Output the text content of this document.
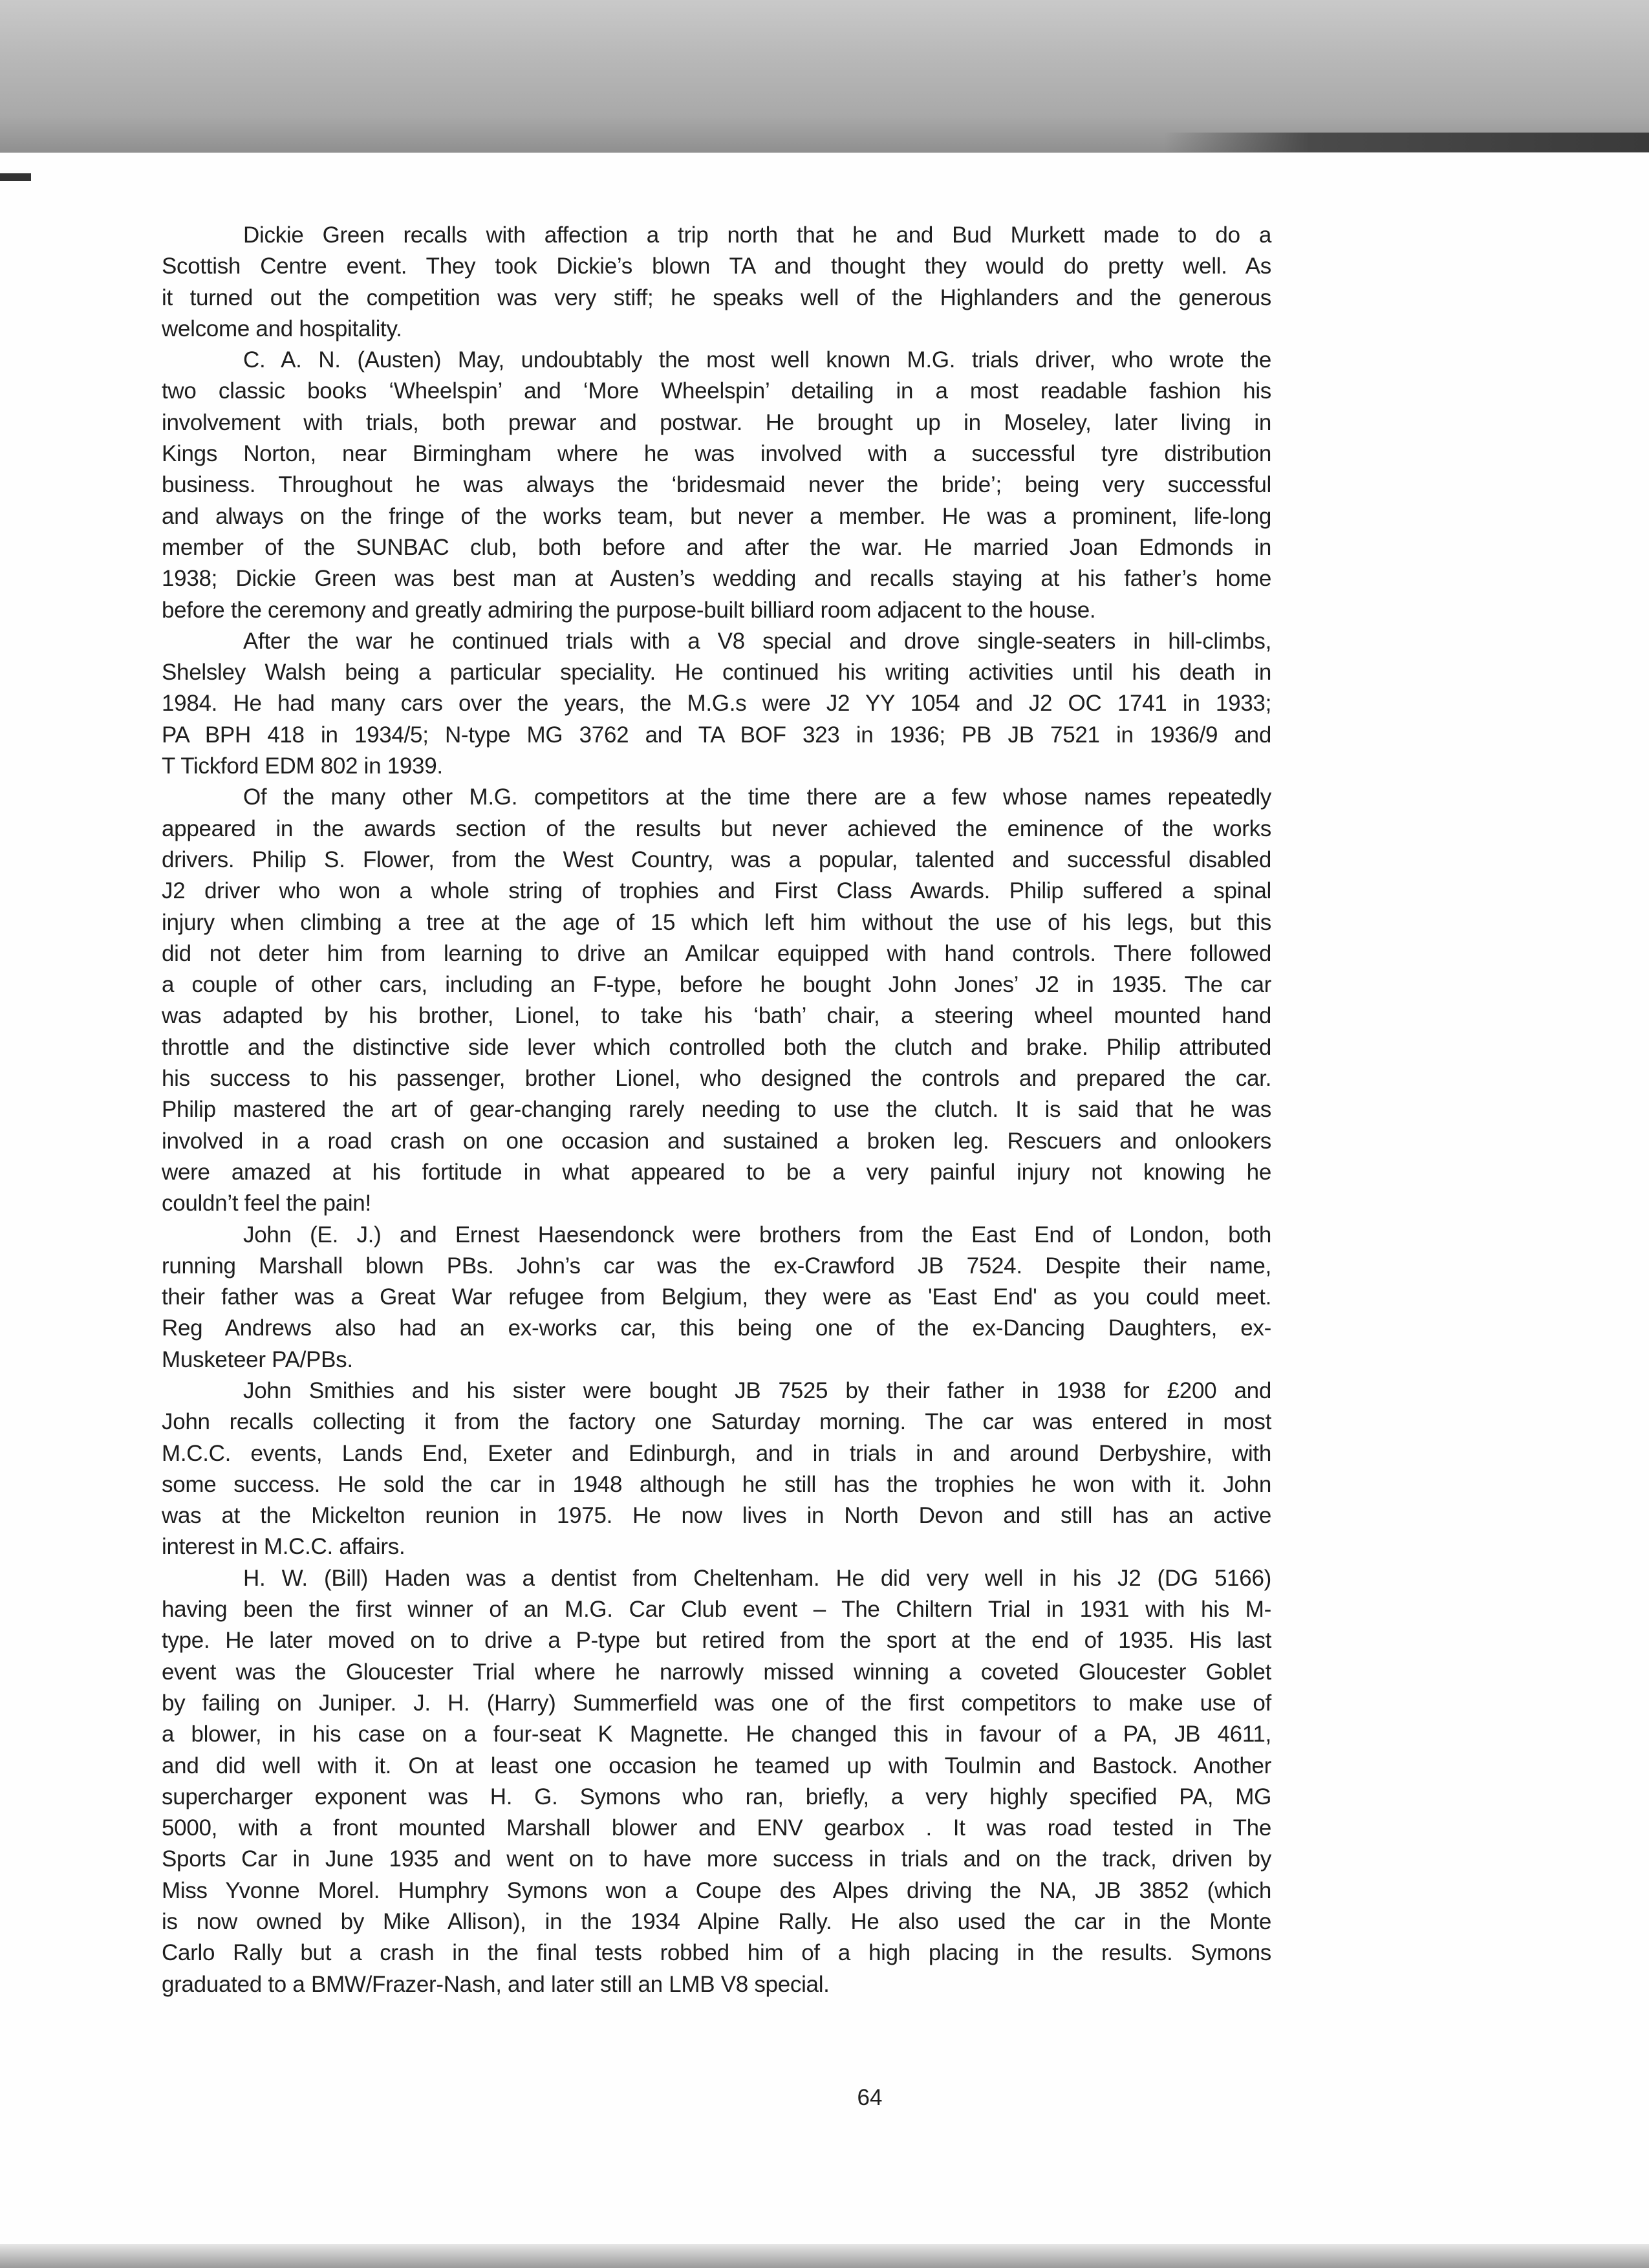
Dickie Green recalls with affection a trip north that he and Bud Murkett made to do a
Scottish Centre event. They took Dickie’s blown TA and thought they would do pretty well. As
it turned out the competition was very stiff; he speaks well of the Highlanders and the generous
welcome and hospitality.
C. A. N. (Austen) May, undoubtably the most well known M.G. trials driver, who wrote the
two classic books ‘Wheelspin’ and ‘More Wheelspin’ detailing in a most readable fashion his
involvement with trials, both prewar and postwar. He brought up in Moseley, later living in
Kings Norton, near Birmingham where he was involved with a successful tyre distribution
business. Throughout he was always the ‘bridesmaid never the bride’; being very successful
and always on the fringe of the works team, but never a member. He was a prominent, life-long
member of the SUNBAC club, both before and after the war. He married Joan Edmonds in
1938; Dickie Green was best man at Austen’s wedding and recalls staying at his father’s home
before the ceremony and greatly admiring the purpose-built billiard room adjacent to the house.
After the war he continued trials with a V8 special and drove single-seaters in hill-climbs,
Shelsley Walsh being a particular speciality. He continued his writing activities until his death in
1984. He had many cars over the years, the M.G.s were J2 YY 1054 and J2 OC 1741 in 1933;
PA BPH 418 in 1934/5; N-type MG 3762 and TA BOF 323 in 1936; PB JB 7521 in 1936/9 and
T Tickford EDM 802 in 1939.
Of the many other M.G. competitors at the time there are a few whose names repeatedly
appeared in the awards section of the results but never achieved the eminence of the works
drivers. Philip S. Flower, from the West Country, was a popular, talented and successful disabled
J2 driver who won a whole string of trophies and First Class Awards. Philip suffered a spinal
injury when climbing a tree at the age of 15 which left him without the use of his legs, but this
did not deter him from learning to drive an Amilcar equipped with hand controls. There followed
a couple of other cars, including an F-type, before he bought John Jones’ J2 in 1935. The car
was adapted by his brother, Lionel, to take his ‘bath’ chair, a steering wheel mounted hand
throttle and the distinctive side lever which controlled both the clutch and brake. Philip attributed
his success to his passenger, brother Lionel, who designed the controls and prepared the car.
Philip mastered the art of gear-changing rarely needing to use the clutch. It is said that he was
involved in a road crash on one occasion and sustained a broken leg. Rescuers and onlookers
were amazed at his fortitude in what appeared to be a very painful injury not knowing he
couldn’t feel the pain!
John (E. J.) and Ernest Haesendonck were brothers from the East End of London, both
running Marshall blown PBs. John’s car was the ex-Crawford JB 7524. Despite their name,
their father was a Great War refugee from Belgium, they were as 'East End' as you could meet.
Reg Andrews also had an ex-works car, this being one of the ex-Dancing Daughters, ex-
Musketeer PA/PBs.
John Smithies and his sister were bought JB 7525 by their father in 1938 for £200 and
John recalls collecting it from the factory one Saturday morning. The car was entered in most
M.C.C. events, Lands End, Exeter and Edinburgh, and in trials in and around Derbyshire, with
some success. He sold the car in 1948 although he still has the trophies he won with it. John
was at the Mickelton reunion in 1975. He now lives in North Devon and still has an active
interest in M.C.C. affairs.
H. W. (Bill) Haden was a dentist from Cheltenham. He did very well in his J2 (DG 5166)
having been the first winner of an M.G. Car Club event – The Chiltern Trial in 1931 with his M-
type. He later moved on to drive a P-type but retired from the sport at the end of 1935. His last
event was the Gloucester Trial where he narrowly missed winning a coveted Gloucester Goblet
by failing on Juniper. J. H. (Harry) Summerfield was one of the first competitors to make use of
a blower, in his case on a four-seat K Magnette. He changed this in favour of a PA, JB 4611,
and did well with it. On at least one occasion he teamed up with Toulmin and Bastock. Another
supercharger exponent was H. G. Symons who ran, briefly, a very highly specified PA, MG
5000, with a front mounted Marshall blower and ENV gearbox . It was road tested in The
Sports Car in June 1935 and went on to have more success in trials and on the track, driven by
Miss Yvonne Morel. Humphry Symons won a Coupe des Alpes driving the NA, JB 3852 (which
is now owned by Mike Allison), in the 1934 Alpine Rally. He also used the car in the Monte
Carlo Rally but a crash in the final tests robbed him of a high placing in the results. Symons
graduated to a BMW/Frazer-Nash, and later still an LMB V8 special.
64
